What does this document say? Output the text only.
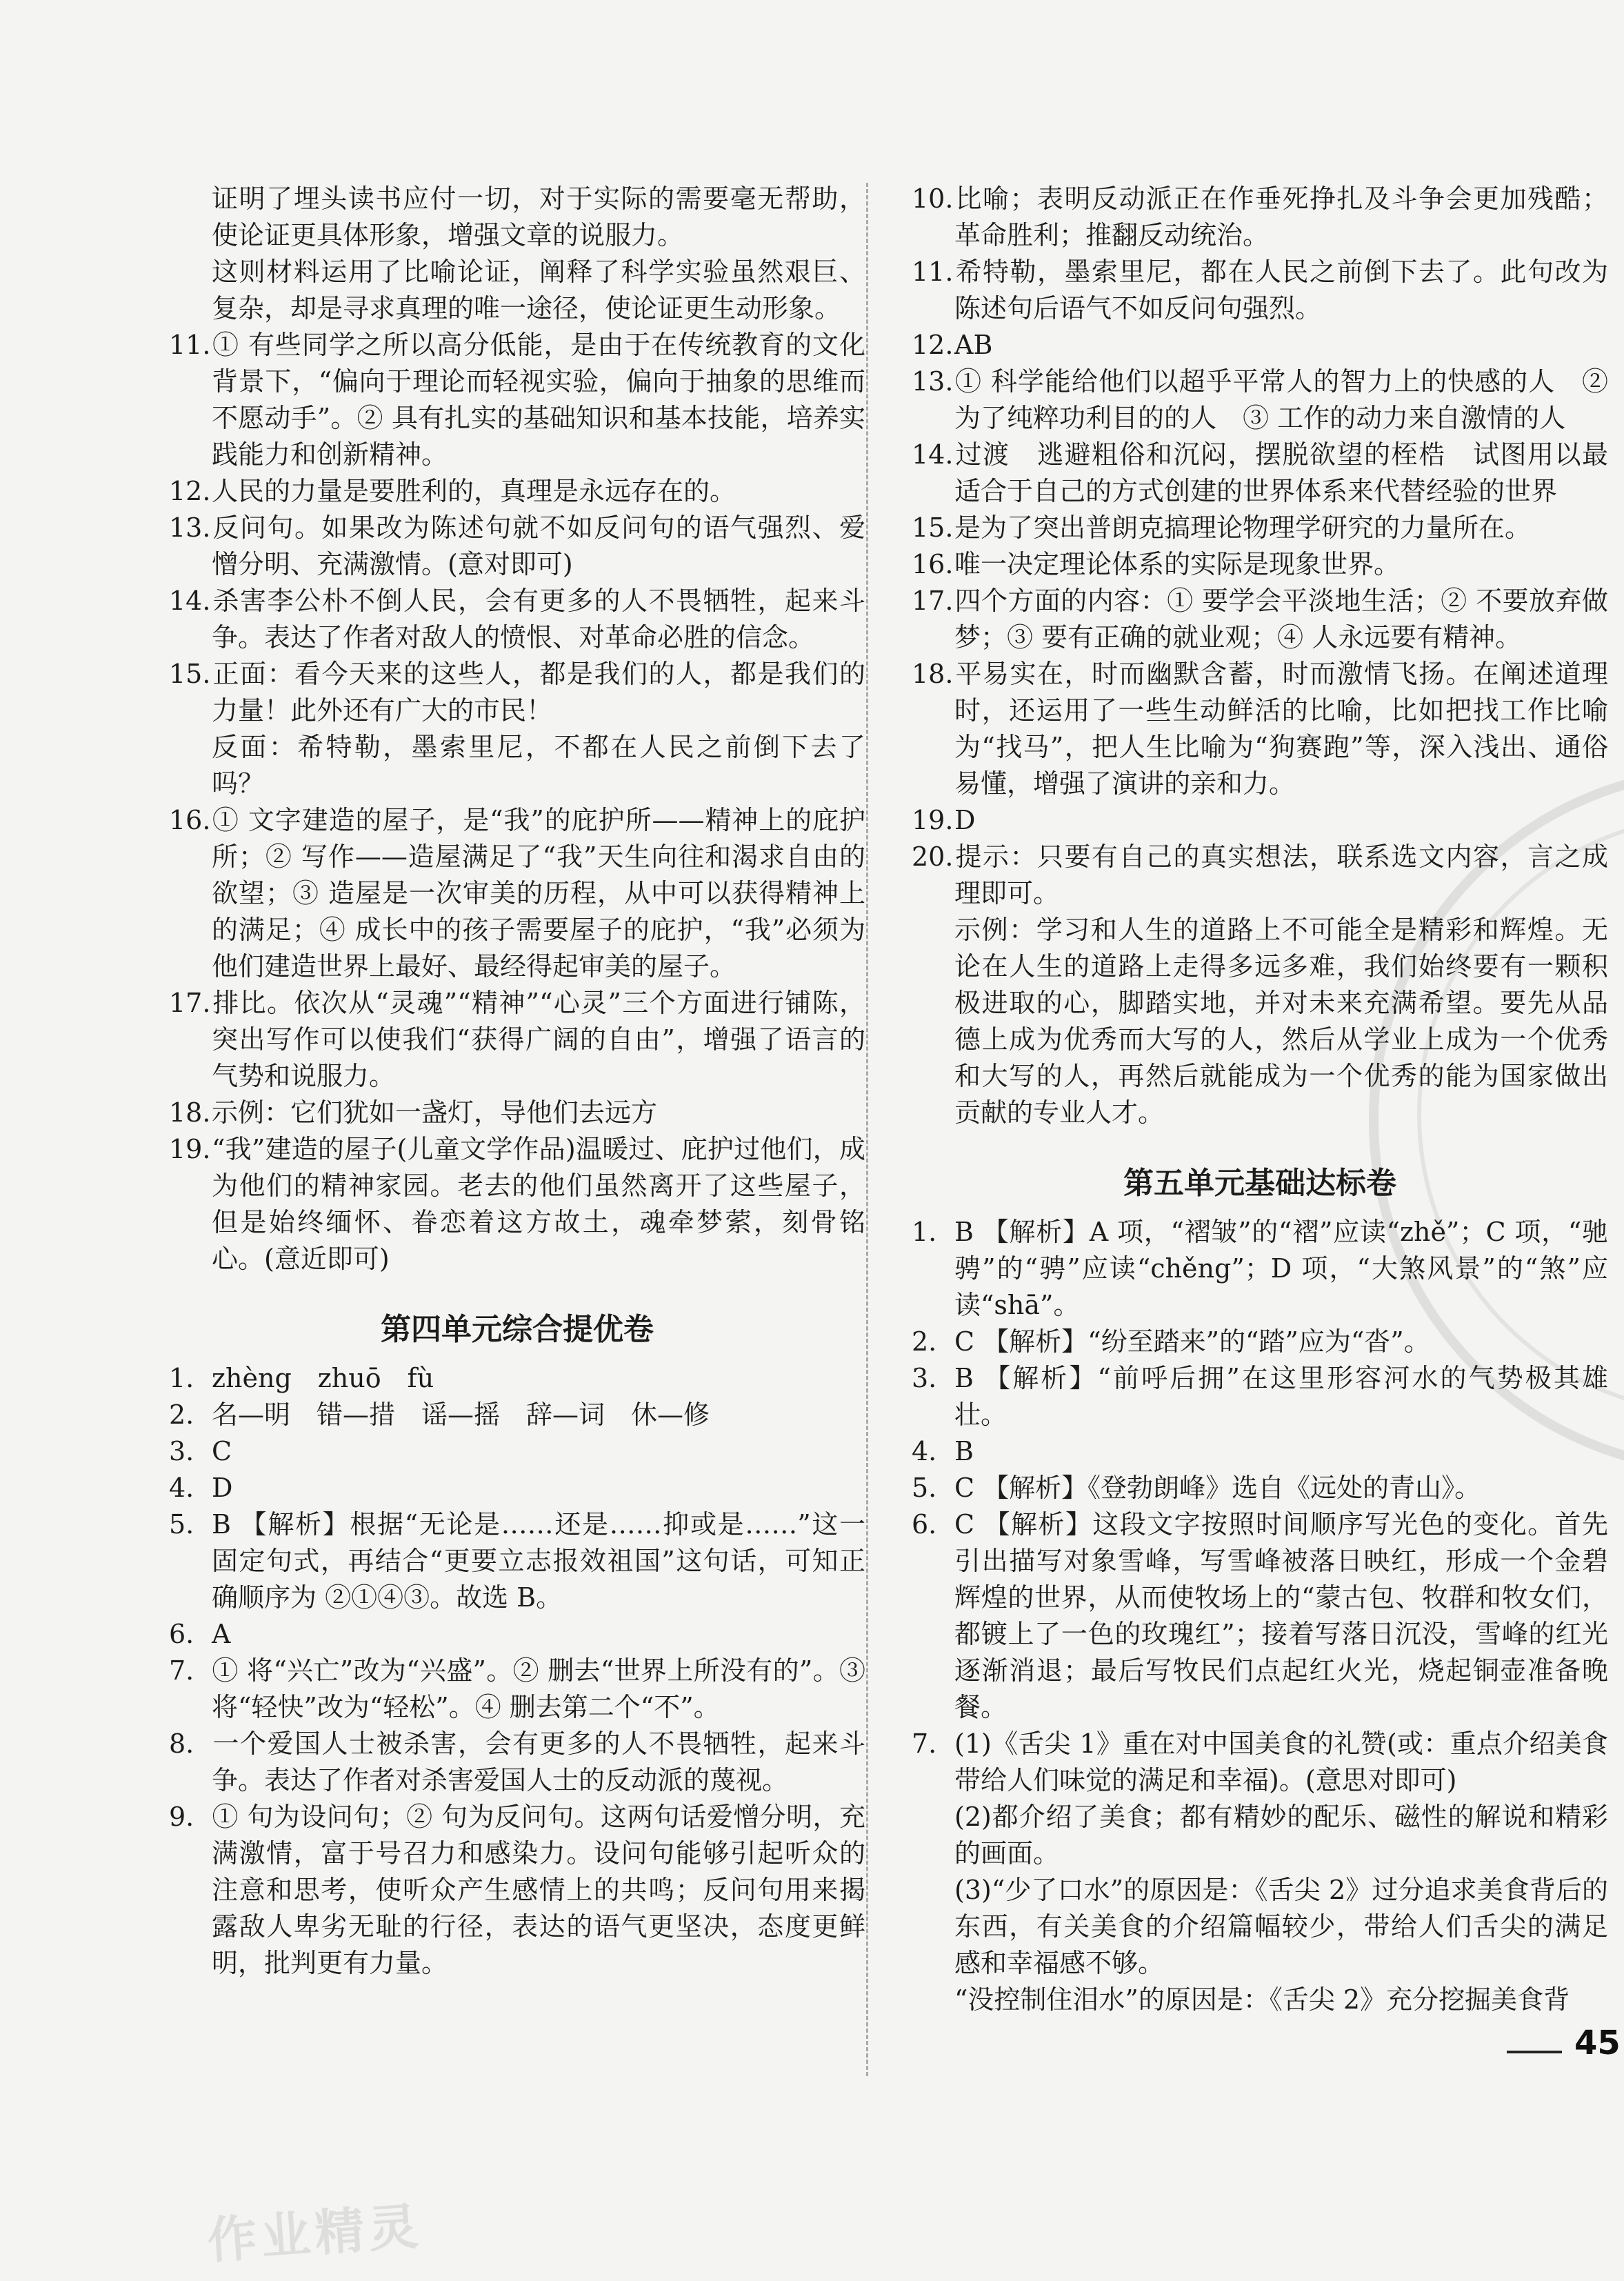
证明了埋头读书应付一切，对于实际的需要毫无帮助，使论证更具体形象，增强文章的说服力。

这则材料运用了比喻论证，阐释了科学实验虽然艰巨、复杂，却是寻求真理的唯一途径，使论证更生动形象。

11.① 有些同学之所以高分低能，是由于在传统教育的文化背景下，“偏向于理论而轻视实验，偏向于抽象的思维而不愿动手”。② 具有扎实的基础知识和基本技能，培养实践能力和创新精神。

12.人民的力量是要胜利的，真理是永远存在的。

13.反问句。如果改为陈述句就不如反问句的语气强烈、爱憎分明、充满激情。(意对即可)

14.杀害李公朴不倒人民，会有更多的人不畏牺牲，起来斗争。表达了作者对敌人的愤恨、对革命必胜的信念。

15.正面：看今天来的这些人，都是我们的人，都是我们的力量！此外还有广大的市民！

反面：希特勒，墨索里尼，不都在人民之前倒下去了吗？

16.① 文字建造的屋子，是“我”的庇护所——精神上的庇护所；② 写作——造屋满足了“我”天生向往和渴求自由的欲望；③ 造屋是一次审美的历程，从中可以获得精神上的满足；④ 成长中的孩子需要屋子的庇护，“我”必须为他们建造世界上最好、最经得起审美的屋子。

17.排比。依次从“灵魂”“精神”“心灵”三个方面进行铺陈，突出写作可以使我们“获得广阔的自由”，增强了语言的气势和说服力。

18.示例：它们犹如一盏灯，导他们去远方

19.“我”建造的屋子(儿童文学作品)温暖过、庇护过他们，成为他们的精神家园。老去的他们虽然离开了这些屋子，但是始终缅怀、眷恋着这方故土，魂牵梦萦，刻骨铭心。(意近即可)

第四单元综合提优卷

1. zhèng　zhuō　fù

2. 名—明　错—措　谣—摇　辞—词　休—修

3. C

4. D

5. B 【解析】根据“无论是……还是……抑或是……”这一固定句式，再结合“更要立志报效祖国”这句话，可知正确顺序为 ②①④③。故选 B。

6. A

7. ① 将“兴亡”改为“兴盛”。② 删去“世界上所没有的”。③ 将“轻快”改为“轻松”。④ 删去第二个“不”。

8. 一个爱国人士被杀害，会有更多的人不畏牺牲，起来斗争。表达了作者对杀害爱国人士的反动派的蔑视。

9. ① 句为设问句；② 句为反问句。这两句话爱憎分明，充满激情，富于号召力和感染力。设问句能够引起听众的注意和思考，使听众产生感情上的共鸣；反问句用来揭露敌人卑劣无耻的行径，表达的语气更坚决，态度更鲜明，批判更有力量。

10.比喻；表明反动派正在作垂死挣扎及斗争会更加残酷；革命胜利；推翻反动统治。

11.希特勒，墨索里尼，都在人民之前倒下去了。此句改为陈述句后语气不如反问句强烈。

12.AB

13.① 科学能给他们以超乎平常人的智力上的快感的人　② 为了纯粹功利目的的人　③ 工作的动力来自激情的人

14.过渡　逃避粗俗和沉闷，摆脱欲望的桎梏　试图用以最适合于自己的方式创建的世界体系来代替经验的世界

15.是为了突出普朗克搞理论物理学研究的力量所在。

16.唯一决定理论体系的实际是现象世界。

17.四个方面的内容：① 要学会平淡地生活；② 不要放弃做梦；③ 要有正确的就业观；④ 人永远要有精神。

18.平易实在，时而幽默含蓄，时而激情飞扬。在阐述道理时，还运用了一些生动鲜活的比喻，比如把找工作比喻为“找马”，把人生比喻为“狗赛跑”等，深入浅出、通俗易懂，增强了演讲的亲和力。

19.D

20.提示：只要有自己的真实想法，联系选文内容，言之成理即可。

示例：学习和人生的道路上不可能全是精彩和辉煌。无论在人生的道路上走得多远多难，我们始终要有一颗积极进取的心，脚踏实地，并对未来充满希望。要先从品德上成为优秀而大写的人，然后从学业上成为一个优秀和大写的人，再然后就能成为一个优秀的能为国家做出贡献的专业人才。

第五单元基础达标卷

1. B 【解析】A 项，“褶皱”的“褶”应读“zhě”；C 项，“驰骋”的“骋”应读“chěng”；D 项，“大煞风景”的“煞”应读“shā”。

2. C 【解析】“纷至踏来”的“踏”应为“沓”。

3. B 【解析】“前呼后拥”在这里形容河水的气势极其雄壮。

4. B

5. C 【解析】《登勃朗峰》选自《远处的青山》。

6. C 【解析】这段文字按照时间顺序写光色的变化。首先引出描写对象雪峰，写雪峰被落日映红，形成一个金碧辉煌的世界，从而使牧场上的“蒙古包、牧群和牧女们，都镀上了一色的玫瑰红”；接着写落日沉没，雪峰的红光逐渐消退；最后写牧民们点起红火光，烧起铜壶准备晚餐。

7. (1)《舌尖 1》重在对中国美食的礼赞(或：重点介绍美食带给人们味觉的满足和幸福)。(意思对即可)

(2)都介绍了美食；都有精妙的配乐、磁性的解说和精彩的画面。

(3)“少了口水”的原因是：《舌尖 2》过分追求美食背后的东西，有关美食的介绍篇幅较少，带给人们舌尖的满足感和幸福感不够。

“没控制住泪水”的原因是：《舌尖 2》充分挖掘美食背

45
作业精灵
